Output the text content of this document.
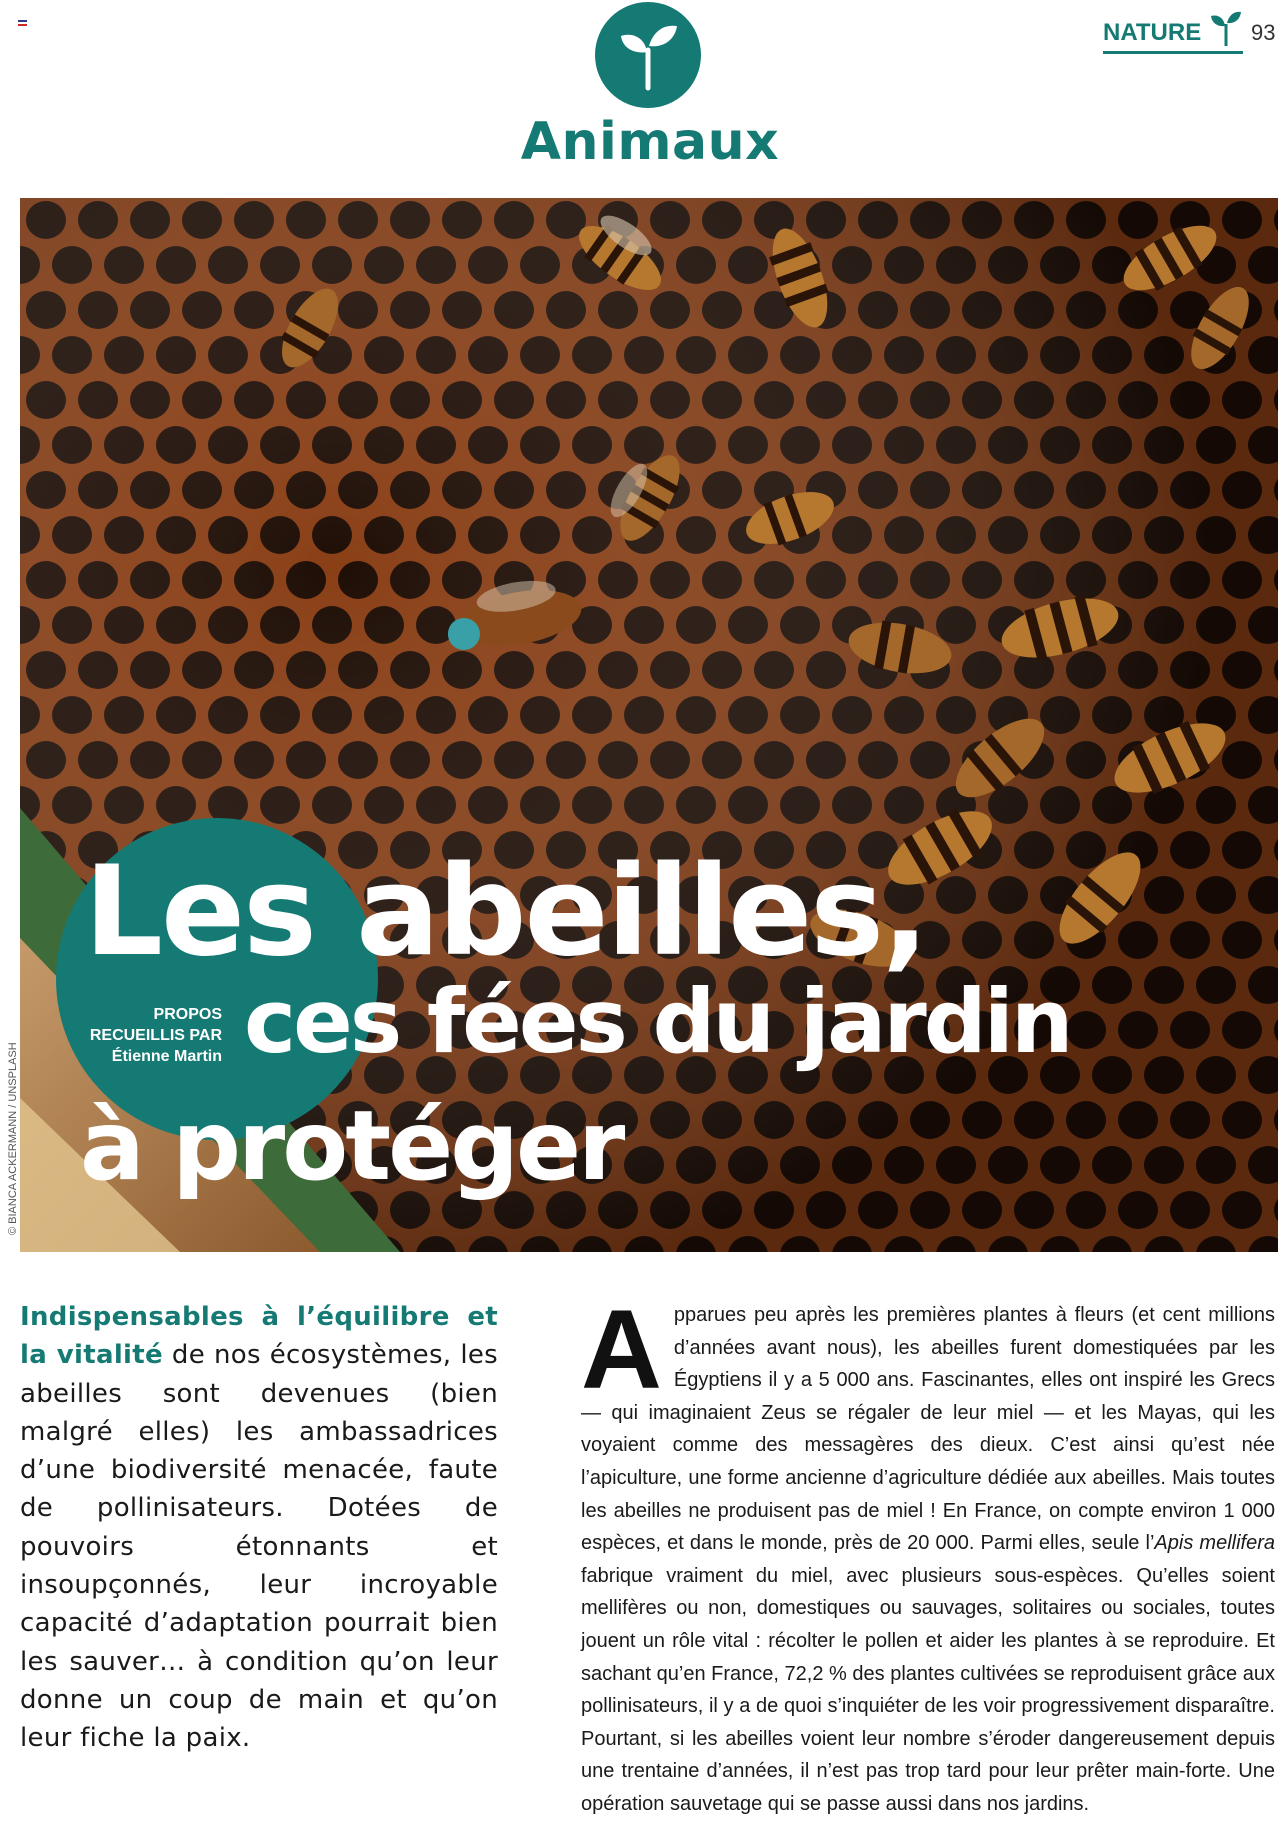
Animaux
NATURE 93
© BIANCA ACKERMANN / UNSPLASH
PROPOS
RECUEILLIS PAR
Étienne Martin
Les abeilles,
ces fées du jardin
à protéger
Indispensables à l’équilibre et la vitalité de nos écosystèmes, les abeilles sont devenues (bien malgré elles) les ambassadrices d’une biodiversité menacée, faute de pollinisateurs. Dotées de pouvoirs étonnants et insoupçonnés, leur incroyable capacité d’adaptation pourrait bien les sauver… à condition qu’on leur donne un coup de main et qu’on leur fiche la paix.
Apparues peu après les premières plantes à fleurs (et cent millions d’années avant nous), les abeilles furent domestiquées par les Égyptiens il y a 5 000 ans. Fascinantes, elles ont inspiré les Grecs — qui imaginaient Zeus se régaler de leur miel — et les Mayas, qui les voyaient comme des messagères des dieux. C’est ainsi qu’est née l’apiculture, une forme ancienne d’agriculture dédiée aux abeilles. Mais toutes les abeilles ne produisent pas de miel ! En France, on compte environ 1 000 espèces, et dans le monde, près de 20 000. Parmi elles, seule l’Apis mellifera fabrique vraiment du miel, avec plusieurs sous-espèces. Qu’elles soient mellifères ou non, domestiques ou sauvages, solitaires ou sociales, toutes jouent un rôle vital : récolter le pollen et aider les plantes à se reproduire. Et sachant qu’en France, 72,2 % des plantes cultivées se reproduisent grâce aux pollinisateurs, il y a de quoi s’inquiéter de les voir progressivement disparaître. Pourtant, si les abeilles voient leur nombre s’éroder dangereusement depuis une trentaine d’années, il n’est pas trop tard pour leur prêter main-forte. Une opération sauvetage qui se passe aussi dans nos jardins.
